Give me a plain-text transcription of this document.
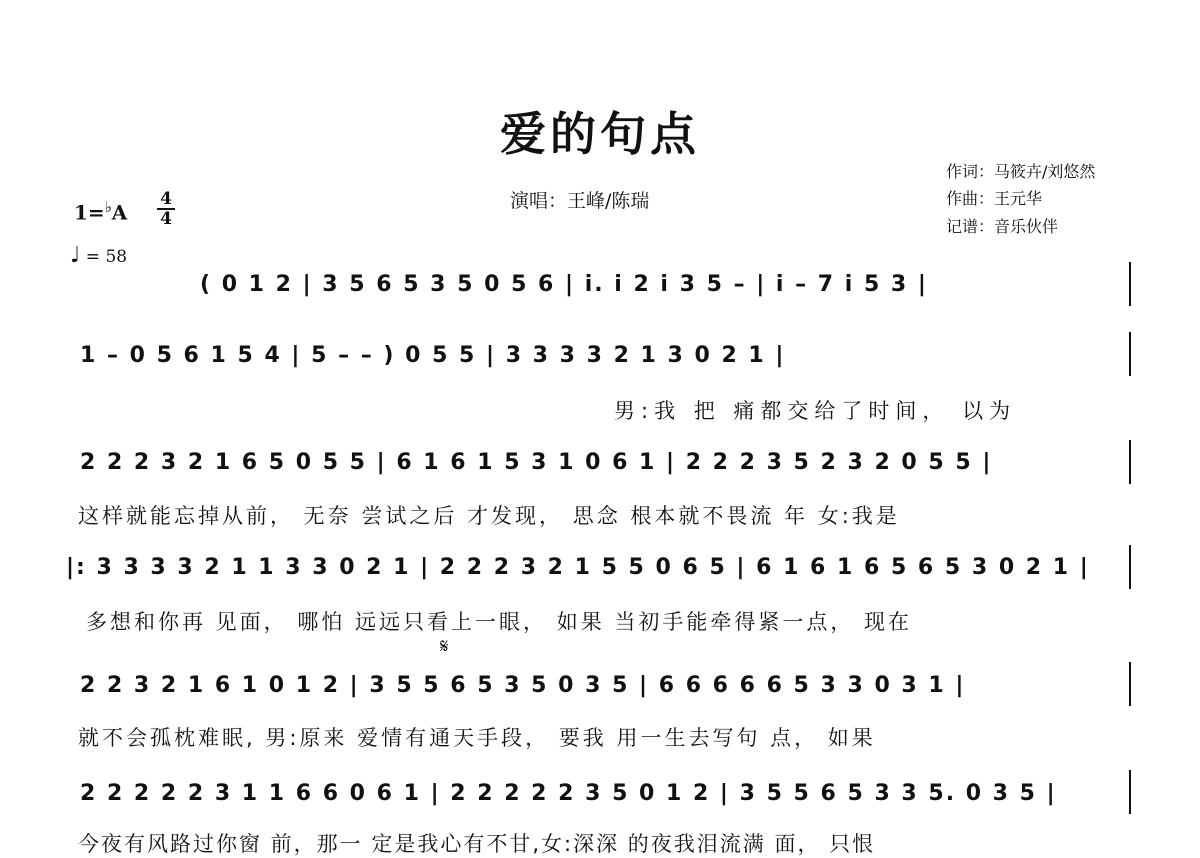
爱的句点
演唱：王峰/陈瑞
作词：马筱卉/刘悠然
作曲：王元华
记谱：音乐伙伴
1=♭A
4
4
♩ = 58
( 0 1 2 | 3 5 6 5 3 5 0 5 6 | i. i 2 i 3 5 – | i – 7 i 5 3 |
1 – 0 5 6 1 5 4 | 5 – – ) 0 5 5 | 3 3 3 3 2 1 3 0 2 1 |
男:我 把 痛都交给了时间， 以为
2 2 2 3 2 1 6 5 0 5 5 | 6 1 6 1 5 3 1 0 6 1 | 2 2 2 3 5 2 3 2 0 5 5 |
这样就能忘掉从前， 无奈 尝试之后 才发现， 思念 根本就不畏流 年 女:我是
|: 3 3 3 3 2 1 1 3 3 0 2 1 | 2 2 2 3 2 1 5 5 0 6 5 | 6 1 6 1 6 5 6 5 3 0 2 1 |
多想和你再 见面， 哪怕 远远只看上一眼， 如果 当初手能牵得紧一点， 现在
𝄋
2 2 3 2 1 6 1 0 1 2 | 3 5 5 6 5 3 5 0 3 5 | 6 6 6 6 6 5 3 3 0 3 1 |
就不会孤枕难眠, 男:原来 爱情有通天手段， 要我 用一生去写句 点， 如果
2 2 2 2 2 3 1 1 6 6 0 6 1 | 2 2 2 2 2 3 5 0 1 2 | 3 5 5 6 5 3 3 5. 0 3 5 |
今夜有风路过你窗 前，那一 定是我心有不甘,女:深深 的夜我泪流满 面， 只恨
